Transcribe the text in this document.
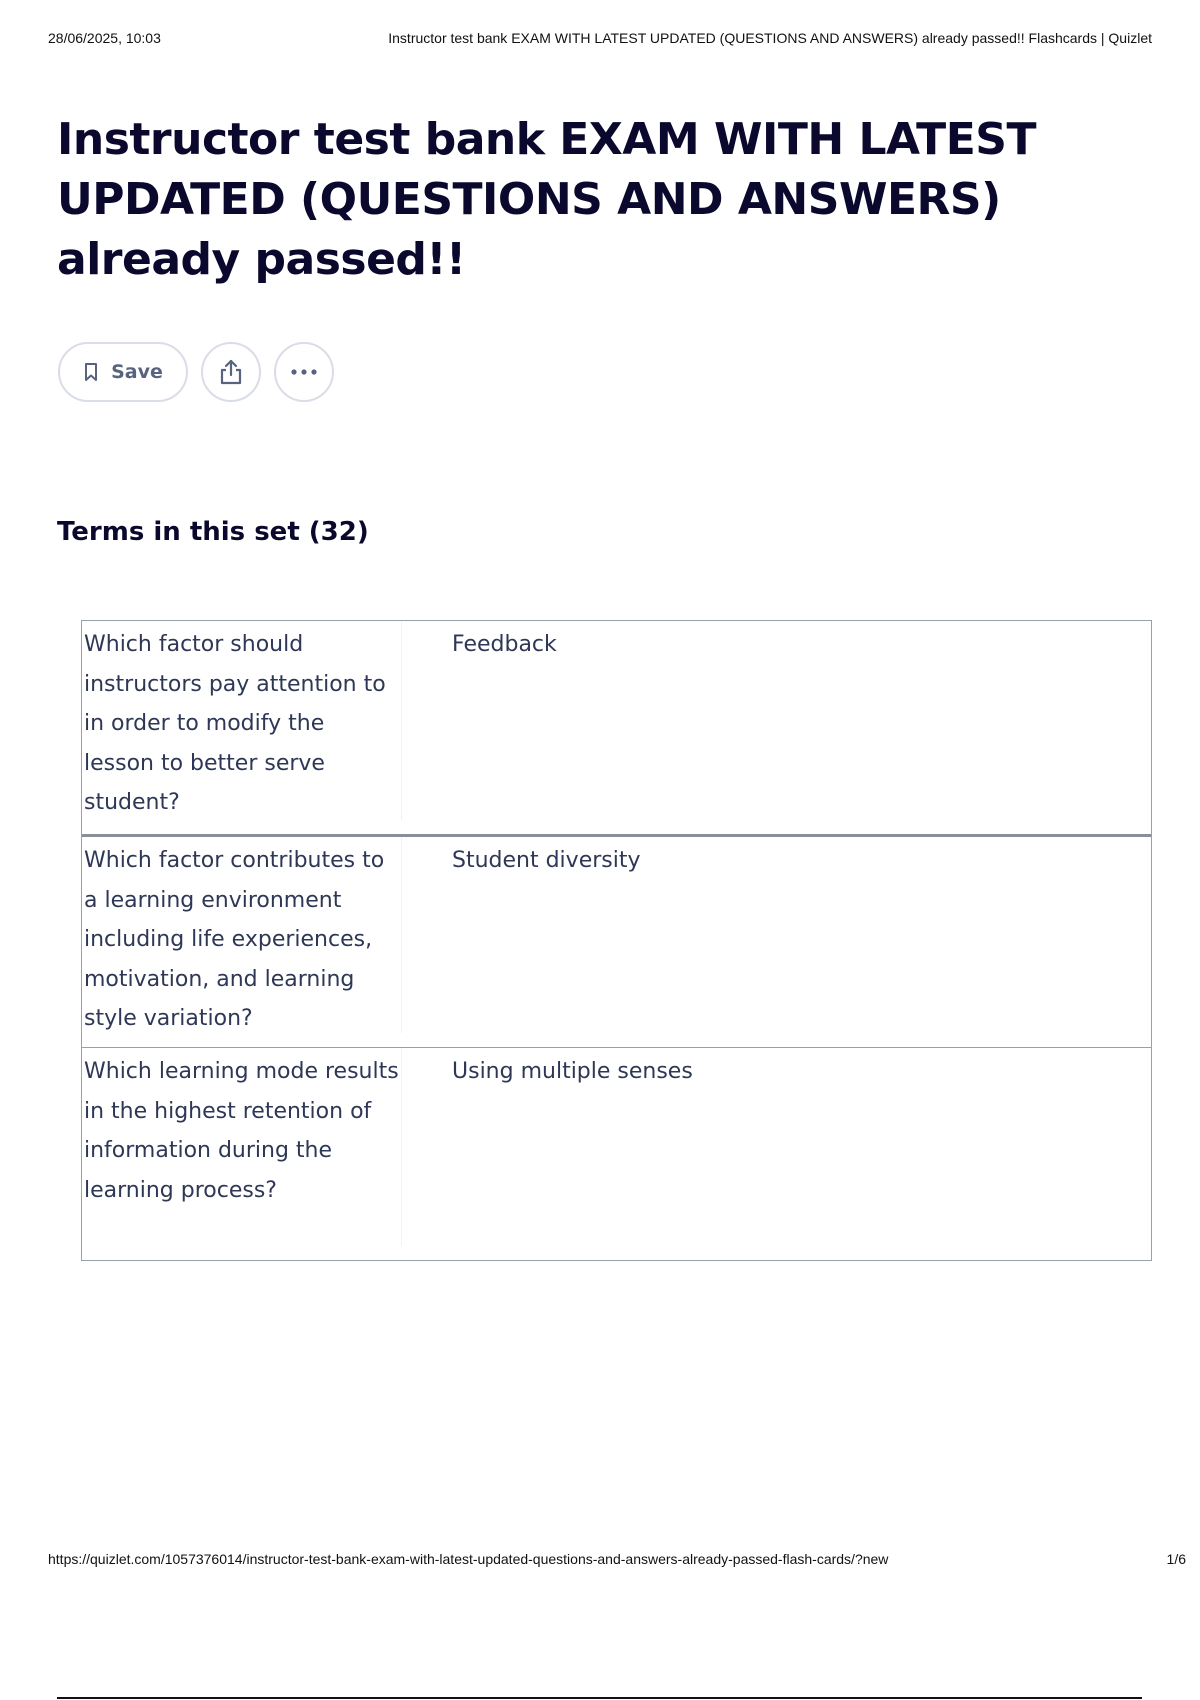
28/06/2025, 10:03	Instructor test bank EXAM WITH LATEST UPDATED (QUESTIONS AND ANSWERS) already passed!! Flashcards | Quizlet
Instructor test bank EXAM WITH LATEST UPDATED (QUESTIONS AND ANSWERS) already passed!!
Save
Terms in this set (32)
Which factor should instructors pay attention to in order to modify the lesson to better serve student?
Feedback
Which factor contributes to a learning environment including life experiences, motivation, and learning style variation?
Student diversity
Which learning mode results in the highest retention of information during the learning process?
Using multiple senses
https://quizlet.com/1057376014/instructor-test-bank-exam-with-latest-updated-questions-and-answers-already-passed-flash-cards/?new	1/6
